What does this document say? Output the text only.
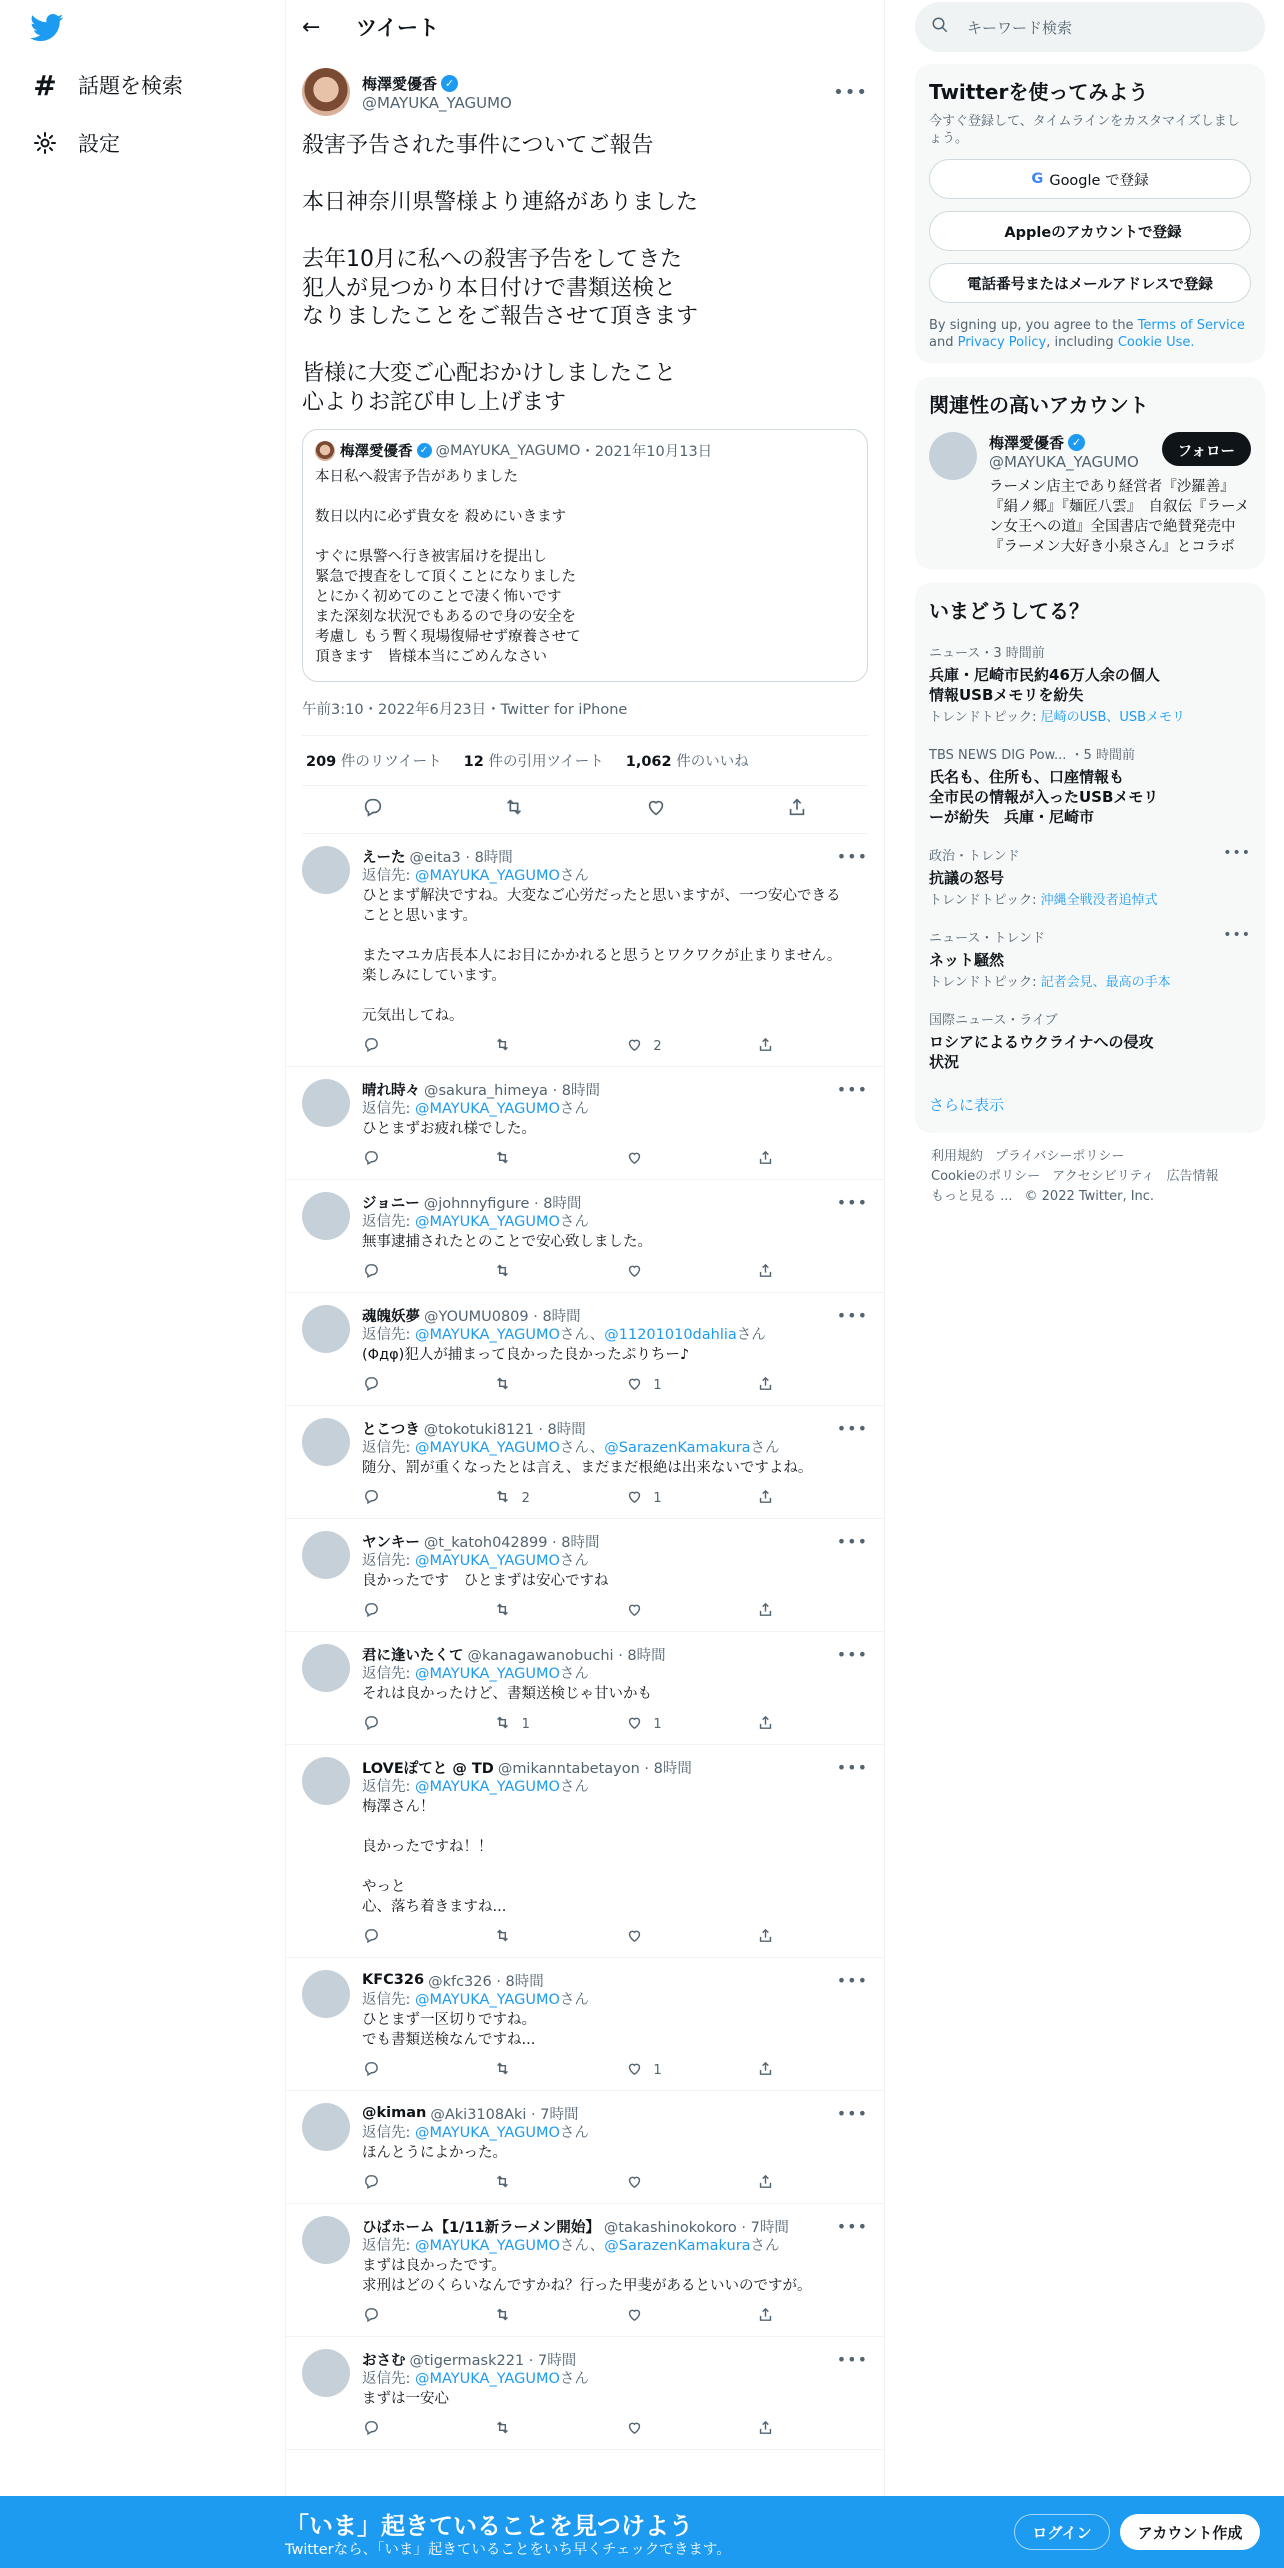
# 話題を検索
設定
←	ツイート
梅澤愛優香 ✓
@MAYUKA_YAGUMO	•••
殺害予告された事件についてご報告

本日神奈川県警様より連絡がありました

去年10月に私への殺害予告をしてきた
犯人が見つかり本日付けで書類送検と
なりましたことをご報告させて頂きます

皆様に大変ご心配おかけしましたこと
心よりお詫び申し上げます
梅澤愛優香 ✓ @MAYUKA_YAGUMO ・2021年10月13日
本日私へ殺害予告がありました

数日以内に必ず貴女を 殺めにいきます

すぐに県警へ行き被害届けを提出し
緊急で捜査をして頂くことになりました
とにかく初めてのことで凄く怖いです
また深刻な状況でもあるので身の安全を
考慮し もう暫く現場復帰せず療養させて
頂きます　皆様本当にごめんなさい
午前3:10・2022年6月23日・Twitter for iPhone
209 件のリツイート 12 件の引用ツイート 1,062 件のいいね
えーた @eita3 · 8時間	•••
返信先: @MAYUKA_YAGUMOさん
ひとまず解決ですね。大変なご心労だったと思いますが、一つ安心できる
ことと思います。

またマユカ店長本人にお目にかかれると思うとワクワクが止まりません。
楽しみにしています。

元気出してね。
2
晴れ時々 @sakura_himeya · 8時間	•••
返信先: @MAYUKA_YAGUMOさん
ひとまずお疲れ様でした。
ジョニー @johnnyfigure · 8時間	•••
返信先: @MAYUKA_YAGUMOさん
無事逮捕されたとのことで安心致しました。
魂魄妖夢 @YOUMU0809 · 8時間	•••
返信先: @MAYUKA_YAGUMOさん、@11201010dahliaさん
(Φдφ)犯人が捕まって良かった良かったぷりちー♪
1
とこつき @tokotuki8121 · 8時間	•••
返信先: @MAYUKA_YAGUMOさん、@SarazenKamakuraさん
随分、罰が重くなったとは言え、まだまだ根絶は出来ないですよね。
2	1
ヤンキー @t_katoh042899 · 8時間	•••
返信先: @MAYUKA_YAGUMOさん
良かったです　ひとまずは安心ですね
君に逢いたくて @kanagawanobuchi · 8時間	•••
返信先: @MAYUKA_YAGUMOさん
それは良かったけど、書類送検じゃ甘いかも
1	1
LOVEぽてと @ TD @mikanntabetayon · 8時間	•••
返信先: @MAYUKA_YAGUMOさん
梅澤さん！

良かったですね！！

やっと
心、落ち着きますね...
KFC326 @kfc326 · 8時間	•••
返信先: @MAYUKA_YAGUMOさん
ひとまず一区切りですね。
でも書類送検なんですね...
1
@kiman @Aki3108Aki · 7時間	•••
返信先: @MAYUKA_YAGUMOさん
ほんとうによかった。
ひばホーム【1/11新ラーメン開始】 @takashinokokoro · 7時間	•••
返信先: @MAYUKA_YAGUMOさん、@SarazenKamakuraさん
まずは良かったです。
求刑はどのくらいなんですかね？行った甲斐があるといいのですが。
おさむ @tigermask221 · 7時間	•••
返信先: @MAYUKA_YAGUMOさん
まずは一安心
キーワード検索
Twitterを使ってみよう
今すぐ登録して、タイムラインをカスタマイズしましょう。
G Google で登録
Appleのアカウントで登録
電話番号またはメールアドレスで登録
By signing up, you agree to the Terms of Service and Privacy Policy, including Cookie Use.
関連性の高いアカウント
梅澤愛優香 ✓
@MAYUKA_YAGUMO
フォロー
ラーメン店主であり経営者『沙羅善』『絹ノ郷』『麺匠八雲』　自叙伝『ラーメン女王への道』全国書店で絶賛発売中　『ラーメン大好き小泉さん』とコラボ
いまどうしてる？
ニュース・3 時間前
兵庫・尼崎市民約46万人余の個人
情報USBメモリを紛失
トレンドトピック: 尼崎のUSB、USBメモリ
TBS NEWS DIG Pow... ・5 時間前
氏名も、住所も、口座情報も
全市民の情報が入ったUSBメモリ
ーが紛失　兵庫・尼崎市
政治・トレンド
抗議の怒号
トレンドトピック: 沖縄全戦没者追悼式
•••
ニュース・トレンド
ネット騒然
トレンドトピック: 記者会見、最高の手本
•••
国際ニュース・ライブ
ロシアによるウクライナへの侵攻
状況
さらに表示
利用規約 プライバシーポリシー
Cookieのポリシー アクセシビリティ 広告情報
もっと見る ... © 2022 Twitter, Inc.
「いま」起きていることを見つけよう
Twitterなら、「いま」起きていることをいち早くチェックできます。
ログイン	アカウント作成
